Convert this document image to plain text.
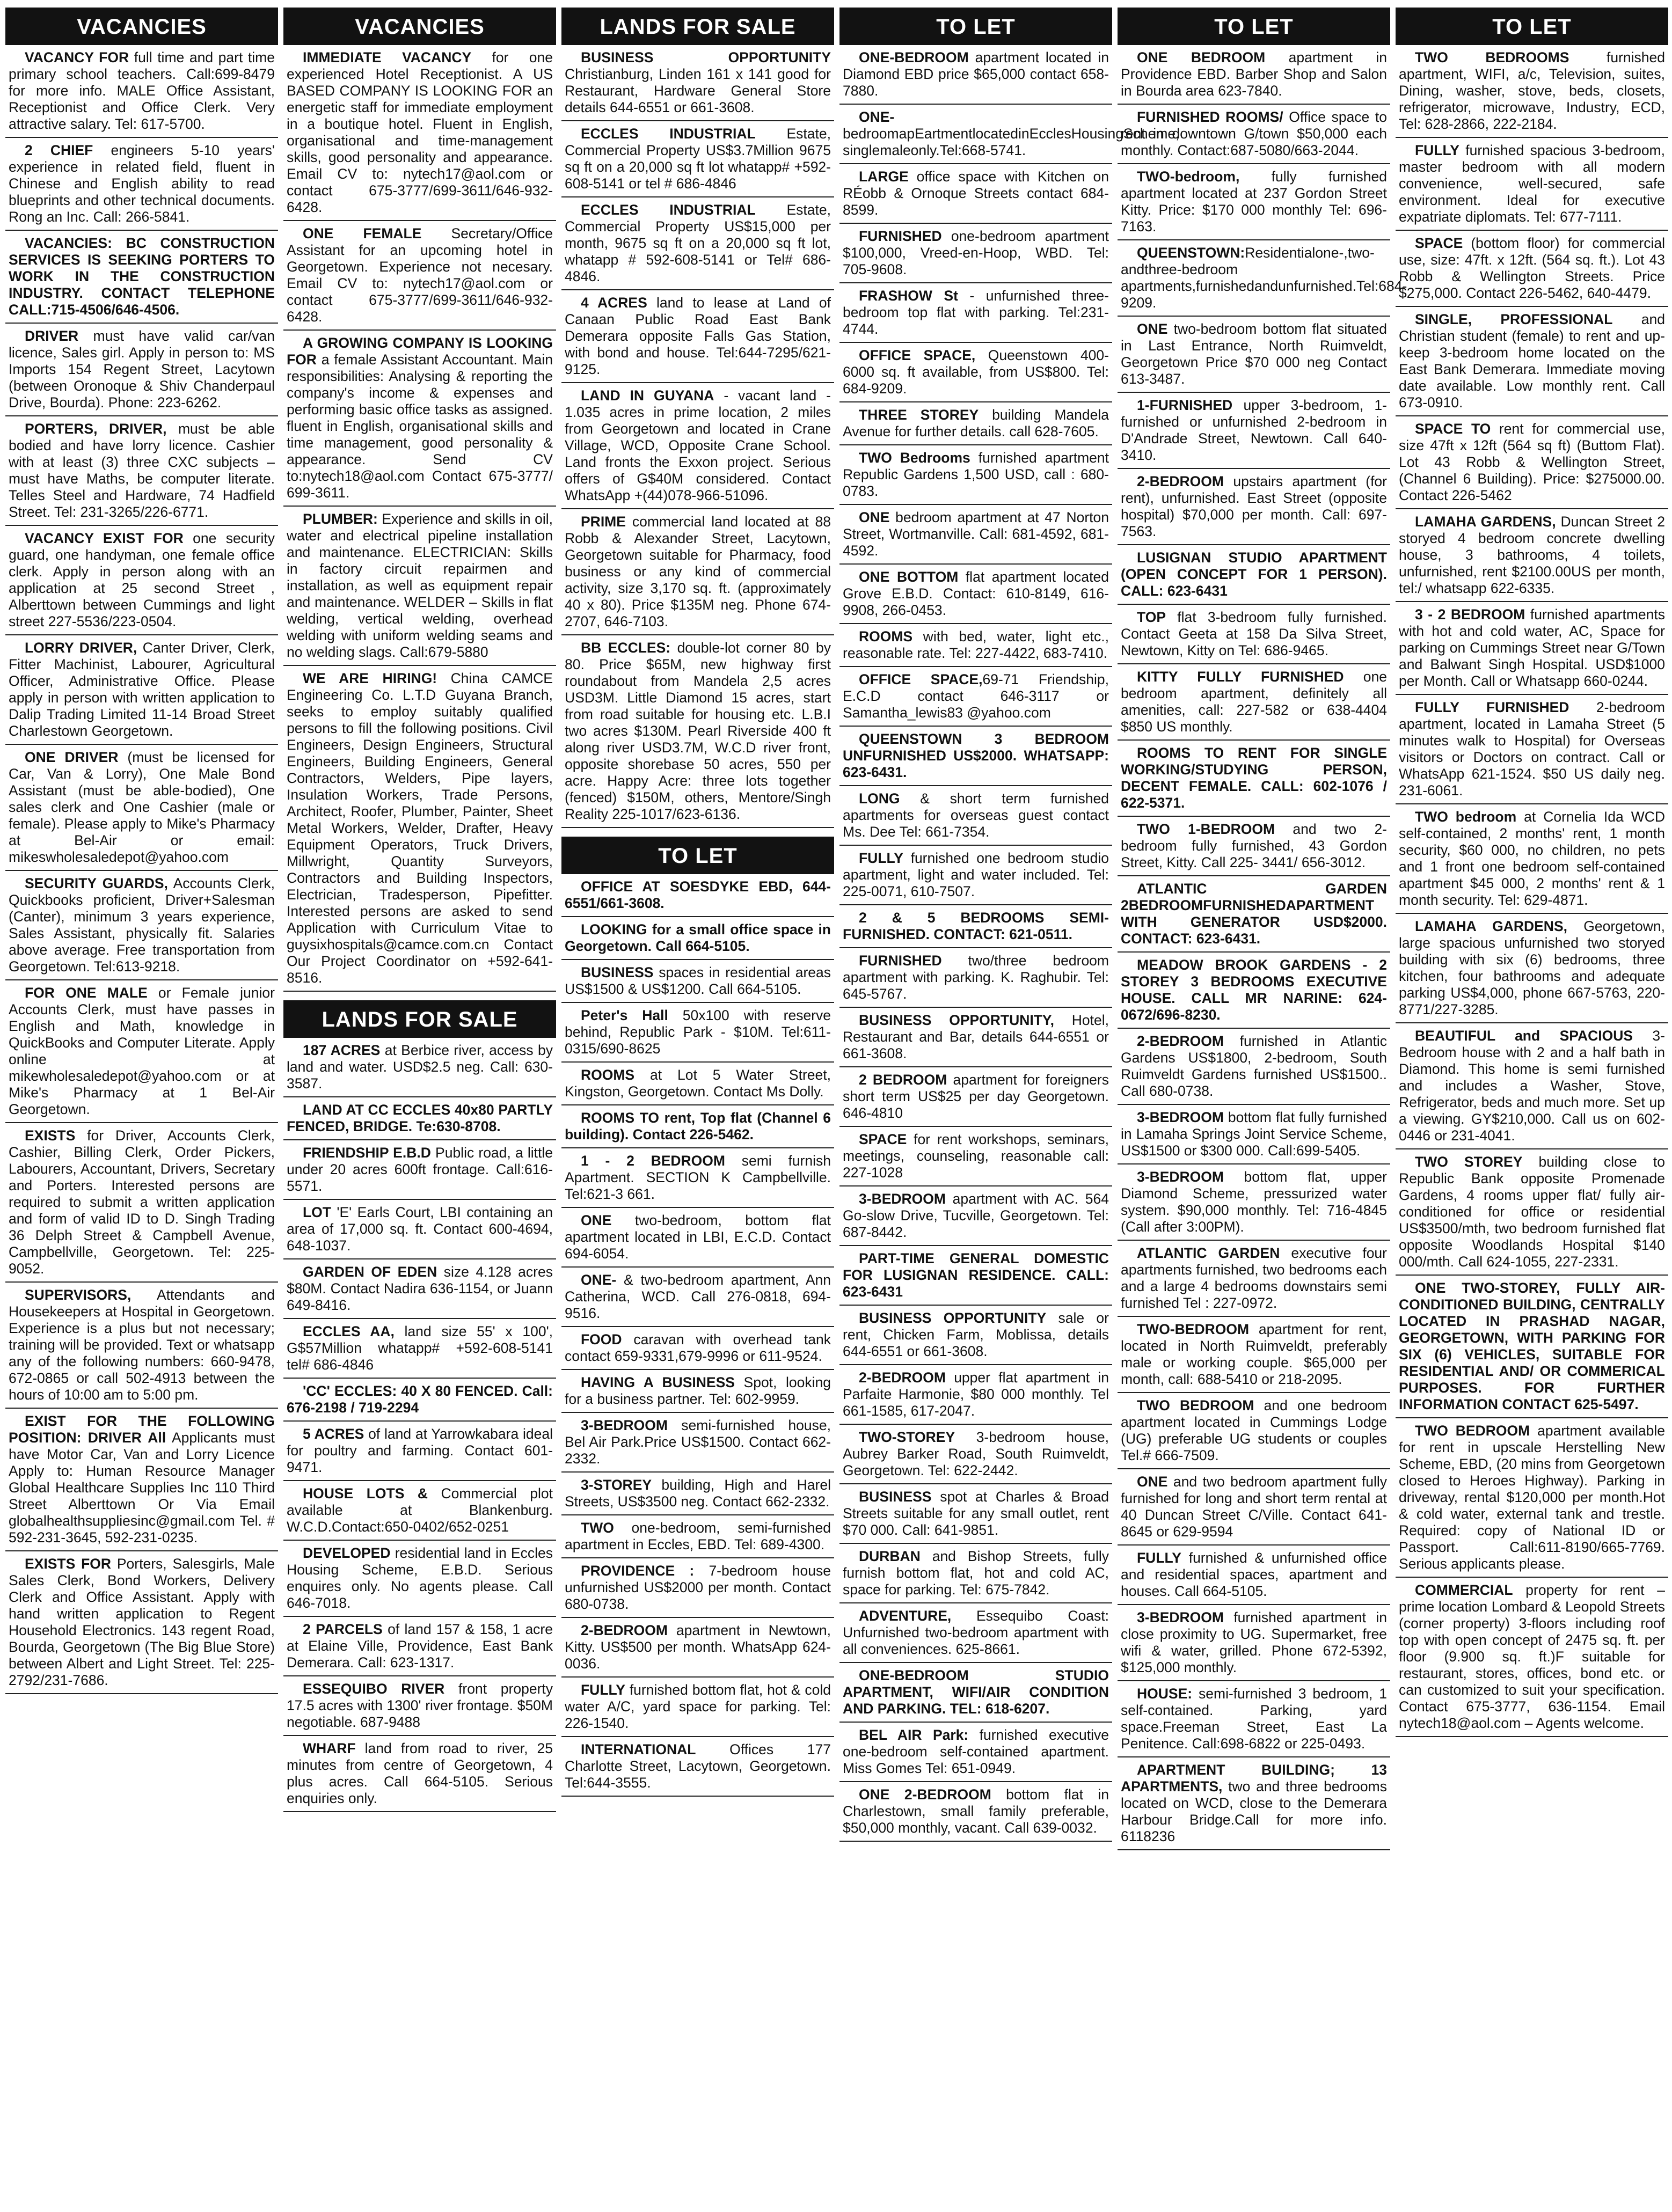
VACANCIES

VACANCY FOR full time and part time primary school teachers. Call:699-8479 for more info. MALE Office Assistant, Receptionist and Office Clerk. Very attractive salary. Tel: 617-5700.

2 CHIEF engineers 5-10 years' experience in related field, fluent in Chinese and English ability to read blueprints and other technical documents. Rong an Inc. Call: 266-5841.

VACANCIES: BC CONSTRUCTION SERVICES IS SEEKING PORTERS TO WORK IN THE CONSTRUCTION INDUSTRY. CONTACT TELEPHONE CALL:715-4506/646-4506.

DRIVER must have valid car/van licence, Sales girl. Apply in person to: MS Imports 154 Regent Street, Lacytown (between Oronoque & Shiv Chanderpaul Drive, Bourda). Phone: 223-6262.

PORTERS, DRIVER, must be able bodied and have lorry licence. Cashier with at least (3) three CXC subjects – must have Maths, be computer literate. Telles Steel and Hardware, 74 Hadfield Street. Tel: 231-3265/226-6771.

VACANCY EXIST FOR one security guard, one handyman, one female office clerk. Apply in person along with an application at 25 second Street , Alberttown between Cummings and light street 227-5536/223-0504.

LORRY DRIVER, Canter Driver, Clerk, Fitter Machinist, Labourer, Agricultural Officer, Administrative Office. Please apply in person with written application to Dalip Trading Limited 11-14 Broad Street Charlestown Georgetown.

ONE DRIVER (must be licensed for Car, Van & Lorry), One Male Bond Assistant (must be able-bodied), One sales clerk and One Cashier (male or female). Please apply to Mike's Pharmacy at Bel-Air or email: mikeswholesaledepot@yahoo.com

SECURITY GUARDS, Accounts Clerk, Quickbooks proficient, Driver+Salesman (Canter), minimum 3 years experience, Sales Assistant, physically fit. Salaries above average. Free transportation from Georgetown. Tel:613-9218.

FOR ONE MALE or Female junior Accounts Clerk, must have passes in English and Math, knowledge in QuickBooks and Computer Literate. Apply online at mikewholesaledepot@yahoo.com or at Mike's Pharmacy at 1 Bel-Air Georgetown.

EXISTS for Driver, Accounts Clerk, Cashier, Billing Clerk, Order Pickers, Labourers, Accountant, Drivers, Secretary and Porters. Interested persons are required to submit a written application and form of valid ID to D. Singh Trading 36 Delph Street & Campbell Avenue, Campbellville, Georgetown. Tel: 225-9052.

SUPERVISORS, Attendants and Housekeepers at Hospital in Georgetown. Experience is a plus but not necessary; training will be provided. Text or whatsapp any of the following numbers: 660-9478, 672-0865 or call 502-4913 between the hours of 10:00 am to 5:00 pm.

EXIST FOR THE FOLLOWING POSITION: DRIVER All Applicants must have Motor Car, Van and Lorry Licence Apply to: Human Resource Manager Global Healthcare Supplies Inc 110 Third Street Alberttown Or Via Email globalhealthsuppliesinc@gmail.com Tel. # 592-231-3645, 592-231-0235.

EXISTS FOR Porters, Salesgirls, Male Sales Clerk, Bond Workers, Delivery Clerk and Office Assistant. Apply with hand written application to Regent Household Electronics. 143 regent Road, Bourda, Georgetown (The Big Blue Store) between Albert and Light Street. Tel: 225-2792/231-7686.

VACANCIES

IMMEDIATE VACANCY for one experienced Hotel Receptionist. A US BASED COMPANY IS LOOKING FOR an energetic staff for immediate employment in a boutique hotel. Fluent in English, organisational and time-management skills, good personality and appearance. Email CV to: nytech17@aol.com or contact 675-3777/699-3611/646-932-6428.

ONE FEMALE Secretary/Office Assistant for an upcoming hotel in Georgetown. Experience not necesary. Email CV to: nytech17@aol.com or contact 675-3777/699-3611/646-932-6428.

A GROWING COMPANY IS LOOKING FOR a female Assistant Accountant. Main responsibilities: Analysing & reporting the company's income & expenses and performing basic office tasks as assigned. fluent in English, organisational skills and time management, good personality & appearance. Send CV to:nytech18@aol.com Contact 675-3777/ 699-3611.

PLUMBER: Experience and skills in oil, water and electrical pipeline installation and maintenance. ELECTRICIAN: Skills in factory circuit repairmen and installation, as well as equipment repair and maintenance. WELDER – Skills in flat welding, vertical welding, overhead welding with uniform welding seams and no welding slags. Call:679-5880

WE ARE HIRING! China CAMCE Engineering Co. L.T.D Guyana Branch, seeks to employ suitably qualified persons to fill the following positions. Civil Engineers, Design Engineers, Structural Engineers, Building Engineers, General Contractors, Welders, Pipe layers, Insulation Workers, Trade Persons, Architect, Roofer, Plumber, Painter, Sheet Metal Workers, Welder, Drafter, Heavy Equipment Operators, Truck Drivers, Millwright, Quantity Surveyors, Contractors and Building Inspectors, Electrician, Tradesperson, Pipefitter. Interested persons are asked to send Application with Curriculum Vitae to guysixhospitals@camce.com.cn Contact Our Project Coordinator on +592-641-8516.

LANDS FOR SALE

187 ACRES at Berbice river, access by land and water. USD$2.5 neg. Call: 630-3587.

LAND AT CC ECCLES 40x80 PARTLY FENCED, BRIDGE. Te:630-8708.

FRIENDSHIP E.B.D Public road, a little under 20 acres 600ft frontage. Call:616-5571.

LOT 'E' Earls Court, LBI containing an area of 17,000 sq. ft. Contact 600-4694, 648-1037.

GARDEN OF EDEN size 4.128 acres $80M. Contact Nadira 636-1154, or Juann 649-8416.

ECCLES AA, land size 55' x 100', G$57Million whatapp# +592-608-5141 tel# 686-4846

'CC' ECCLES: 40 X 80 FENCED. Call: 676-2198 / 719-2294

5 ACRES of land at Yarrowkabara ideal for poultry and farming. Contact 601-9471.

HOUSE LOTS & Commercial plot available at Blankenburg. W.C.D.Contact:650-0402/652-0251

DEVELOPED residential land in Eccles Housing Scheme, E.B.D. Serious enquires only. No agents please. Call 646-7018.

2 PARCELS of land 157 & 158, 1 acre at Elaine Ville, Providence, East Bank Demerara. Call: 623-1317.

ESSEQUIBO RIVER front property 17.5 acres with 1300' river frontage. $50M negotiable. 687-9488

WHARF land from road to river, 25 minutes from centre of Georgetown, 4 plus acres. Call 664-5105. Serious enquiries only.

LANDS FOR SALE

BUSINESS OPPORTUNITY Christianburg, Linden 161 x 141 good for Restaurant, Hardware General Store details 644-6551 or 661-3608.

ECCLES INDUSTRIAL Estate, Commercial Property US$3.7Million 9675 sq ft on a 20,000 sq ft lot whatapp# +592-608-5141 or tel # 686-4846

ECCLES INDUSTRIAL Estate, Commercial Property US$15,000 per month, 9675 sq ft on a 20,000 sq ft lot, whatapp # 592-608-5141 or Tel# 686-4846.

4 ACRES land to lease at Land of Canaan Public Road East Bank Demerara opposite Falls Gas Station, with bond and house. Tel:644-7295/621-9125.

LAND IN GUYANA - vacant land - 1.035 acres in prime location, 2 miles from Georgetown and located in Crane Village, WCD, Opposite Crane School. Land fronts the Exxon project. Serious offers of G$40M considered. Contact WhatsApp +(44)078-966-51096.

PRIME commercial land located at 88 Robb & Alexander Street, Lacytown, Georgetown suitable for Pharmacy, food business or any kind of commercial activity, size 3,170 sq. ft. (approximately 40 x 80). Price $135M neg. Phone 674-2707, 646-7103.

BB ECCLES: double-lot corner 80 by 80. Price $65M, new highway first roundabout from Mandela 2,5 acres USD3M. Little Diamond 15 acres, start from road suitable for housing etc. L.B.I two acres $130M. Pearl Riverside 400 ft along river USD3.7M, W.C.D river front, opposite shorebase 50 acres, 550 per acre. Happy Acre: three lots together (fenced) $150M, others, Mentore/Singh Reality 225-1017/623-6136.

TO LET

OFFICE AT SOESDYKE EBD, 644-6551/661-3608.

LOOKING for a small office space in Georgetown. Call 664-5105.

BUSINESS spaces in residential areas US$1500 & US$1200. Call 664-5105.

Peter's Hall 50x100 with reserve behind, Republic Park - $10M. Tel:611-0315/690-8625

ROOMS at Lot 5 Water Street, Kingston, Georgetown. Contact Ms Dolly.

ROOMS TO rent, Top flat (Channel 6 building). Contact 226-5462.

1 - 2 BEDROOM semi furnish Apartment. SECTION K Campbellville. Tel:621-3 661.

ONE two-bedroom, bottom flat apartment located in LBI, E.C.D. Contact 694-6054.

ONE- & two-bedroom apartment, Ann Catherina, WCD. Call 276-0818, 694-9516.

FOOD caravan with overhead tank contact 659-9331,679-9996 or 611-9524.

HAVING A BUSINESS Spot, looking for a business partner. Tel: 602-9959.

3-BEDROOM semi-furnished house, Bel Air Park.Price US$1500. Contact 662-2332.

3-STOREY building, High and Harel Streets, US$3500 neg. Contact 662-2332.

TWO one-bedroom, semi-furnished apartment in Eccles, EBD. Tel: 689-4300.

PROVIDENCE : 7-bedroom house unfurnished US$2000 per month. Contact 680-0738.

2-BEDROOM apartment in Newtown, Kitty. US$500 per month. WhatsApp 624-0036.

FULLY furnished bottom flat, hot & cold water A/C, yard space for parking. Tel: 226-1540.

INTERNATIONAL Offices 177 Charlotte Street, Lacytown, Georgetown. Tel:644-3555.

TO LET

ONE-BEDROOM apartment located in Diamond EBD price $65,000 contact 658-7880.

ONE-bedroomapEartmentlocatedinEcclesHousingScheme, singlemaleonly.Tel:668-5741.

LARGE office space with Kitchen on RÉobb & Ornoque Streets contact 684-8599.

FURNISHED one-bedroom apartment $100,000, Vreed-en-Hoop, WBD. Tel: 705-9608.

FRASHOW St - unfurnished three-bedroom top flat with parking. Tel:231-4744.

OFFICE SPACE, Queenstown 400-6000 sq. ft available, from US$800. Tel: 684-9209.

THREE STOREY building Mandela Avenue for further details. call 628-7605.

TWO Bedrooms furnished apartment Republic Gardens 1,500 USD, call : 680-0783.

ONE bedroom apartment at 47 Norton Street, Wortmanville. Call: 681-4592, 681-4592.

ONE BOTTOM flat apartment located Grove E.B.D. Contact: 610-8149, 616-9908, 266-0453.

ROOMS with bed, water, light etc., reasonable rate. Tel: 227-4422, 683-7410.

OFFICE SPACE,69-71 Friendship, E.C.D contact 646-3117 or Samantha_lewis83 @yahoo.com

QUEENSTOWN 3 BEDROOM UNFURNISHED US$2000. WHATSAPP: 623-6431.

LONG & short term furnished apartments for overseas guest contact Ms. Dee Tel: 661-7354.

FULLY furnished one bedroom studio apartment, light and water included. Tel: 225-0071, 610-7507.

2 & 5 BEDROOMS SEMI-FURNISHED. CONTACT: 621-0511.

FURNISHED two/three bedroom apartment with parking. K. Raghubir. Tel: 645-5767.

BUSINESS OPPORTUNITY, Hotel, Restaurant and Bar, details 644-6551 or 661-3608.

2 BEDROOM apartment for foreigners short term US$25 per day Georgetown. 646-4810

SPACE for rent workshops, seminars, meetings, counseling, reasonable call: 227-1028

3-BEDROOM apartment with AC. 564 Go-slow Drive, Tucville, Georgetown. Tel: 687-8442.

PART-TIME GENERAL DOMESTIC FOR LUSIGNAN RESIDENCE. CALL: 623-6431

BUSINESS OPPORTUNITY sale or rent, Chicken Farm, Moblissa, details 644-6551 or 661-3608.

2-BEDROOM upper flat apartment in Parfaite Harmonie, $80 000 monthly. Tel 661-1585, 617-2047.

TWO-STOREY 3-bedroom house, Aubrey Barker Road, South Ruimveldt, Georgetown. Tel: 622-2442.

BUSINESS spot at Charles & Broad Streets suitable for any small outlet, rent $70 000. Call: 641-9851.

DURBAN and Bishop Streets, fully furnish bottom flat, hot and cold AC, space for parking. Tel: 675-7842.

ADVENTURE, Essequibo Coast: Unfurnished two-bedroom apartment with all conveniences. 625-8661.

ONE-BEDROOM STUDIO APARTMENT, WIFI/AIR CONDITION AND PARKING. TEL: 618-6207.

BEL AIR Park: furnished executive one-bedroom self-contained apartment. Miss Gomes Tel: 651-0949.

ONE 2-BEDROOM bottom flat in Charlestown, small family preferable, $50,000 monthly, vacant. Call 639-0032.

TO LET

ONE BEDROOM apartment in Providence EBD. Barber Shop and Salon in Bourda area 623-7840.

FURNISHED ROOMS/ Office space to rent in downtown G/town $50,000 each monthly. Contact:687-5080/663-2044.

TWO-bedroom, fully furnished apartment located at 237 Gordon Street Kitty. Price: $170 000 monthly Tel: 696-7163.

QUEENSTOWN:Residentialone-,two-andthree-bedroom apartments,furnishedandunfurnished.Tel:684-9209.

ONE two-bedroom bottom flat situated in Last Entrance, North Ruimveldt, Georgetown Price $70 000 neg Contact 613-3487.

1-FURNISHED upper 3-bedroom, 1-furnished or unfurnished 2-bedroom in D'Andrade Street, Newtown. Call 640-3410.

2-BEDROOM upstairs apartment (for rent), unfurnished. East Street (opposite hospital) $70,000 per month. Call: 697-7563.

LUSIGNAN STUDIO APARTMENT (OPEN CONCEPT FOR 1 PERSON). CALL: 623-6431

TOP flat 3-bedroom fully furnished. Contact Geeta at 158 Da Silva Street, Newtown, Kitty on Tel: 686-9465.

KITTY FULLY FURNISHED one bedroom apartment, definitely all amenities, call: 227-582 or 638-4404 $850 US monthly.

ROOMS TO RENT FOR SINGLE WORKING/STUDYING PERSON, DECENT FEMALE. CALL: 602-1076 / 622-5371.

TWO 1-BEDROOM and two 2-bedroom fully furnished, 43 Gordon Street, Kitty. Call 225- 3441/ 656-3012.

ATLANTIC GARDEN 2BEDROOMFURNISHEDAPARTMENT WITH GENERATOR USD$2000. CONTACT: 623-6431.

MEADOW BROOK GARDENS - 2 STOREY 3 BEDROOMS EXECUTIVE HOUSE. CALL MR NARINE: 624-0672/696-8230.

2-BEDROOM furnished in Atlantic Gardens US$1800, 2-bedroom, South Ruimveldt Gardens furnished US$1500.. Call 680-0738.

3-BEDROOM bottom flat fully furnished in Lamaha Springs Joint Service Scheme, US$1500 or $300 000. Call:699-5405.

3-BEDROOM bottom flat, upper Diamond Scheme, pressurized water system. $90,000 monthly. Tel: 716-4845 (Call after 3:00PM).

ATLANTIC GARDEN executive four apartments furnished, two bedrooms each and a large 4 bedrooms downstairs semi furnished Tel : 227-0972.

TWO-BEDROOM apartment for rent, located in North Ruimveldt, preferably male or working couple. $65,000 per month, call: 688-5410 or 218-2095.

TWO BEDROOM and one bedroom apartment located in Cummings Lodge (UG) preferable UG students or couples Tel.# 666-7509.

ONE and two bedroom apartment fully furnished for long and short term rental at 40 Duncan Street C/Ville. Contact 641-8645 or 629-9594

FULLY furnished & unfurnished office and residential spaces, apartment and houses. Call 664-5105.

3-BEDROOM furnished apartment in close proximity to UG. Supermarket, free wifi & water, grilled. Phone 672-5392, $125,000 monthly.

HOUSE: semi-furnished 3 bedroom, 1 self-contained. Parking, yard space.Freeman Street, East La Penitence. Call:698-6822 or 225-0493.

APARTMENT BUILDING; 13 APARTMENTS, two and three bedrooms located on WCD, close to the Demerara Harbour Bridge.Call for more info. 6118236

TO LET

TWO BEDROOMS furnished apartment, WIFI, a/c, Television, suites, Dining, washer, stove, beds, closets, refrigerator, microwave, Industry, ECD, Tel: 628-2866, 222-2184.

FULLY furnished spacious 3-bedroom, master bedroom with all modern convenience, well-secured, safe environment. Ideal for executive expatriate diplomats. Tel: 677-7111.

SPACE (bottom floor) for commercial use, size: 47ft. x 12ft. (564 sq. ft.). Lot 43 Robb & Wellington Streets. Price $275,000. Contact 226-5462, 640-4479.

SINGLE, PROFESSIONAL and Christian student (female) to rent and up-keep 3-bedroom home located on the East Bank Demerara. Immediate moving date available. Low monthly rent. Call 673-0910.

SPACE TO rent for commercial use, size 47ft x 12ft (564 sq ft) (Buttom Flat). Lot 43 Robb & Wellington Street, (Channel 6 Building). Price: $275000.00. Contact 226-5462

LAMAHA GARDENS, Duncan Street 2 storyed 4 bedroom concrete dwelling house, 3 bathrooms, 4 toilets, unfurnished, rent $2100.00US per month, tel:/ whatsapp 622-6335.

3 - 2 BEDROOM furnished apartments with hot and cold water, AC, Space for parking on Cummings Street near G/Town and Balwant Singh Hospital. USD$1000 per Month. Call or Whatsapp 660-0244.

FULLY FURNISHED 2-bedroom apartment, located in Lamaha Street (5 minutes walk to Hospital) for Overseas visitors or Doctors on contract. Call or WhatsApp 621-1524. $50 US daily neg. 231-6061.

TWO bedroom at Cornelia Ida WCD self-contained, 2 months' rent, 1 month security, $60 000, no children, no pets and 1 front one bedroom self-contained apartment $45 000, 2 months' rent & 1 month security. Tel: 629-4871.

LAMAHA GARDENS, Georgetown, large spacious unfurnished two storyed building with six (6) bedrooms, three kitchen, four bathrooms and adequate parking US$4,000, phone 667-5763, 220-8771/227-3285.

BEAUTIFUL and SPACIOUS 3-Bedroom house with 2 and a half bath in Diamond. This home is semi furnished and includes a Washer, Stove, Refrigerator, beds and much more. Set up a viewing. GY$210,000. Call us on 602-0446 or 231-4041.

TWO STOREY building close to Republic Bank opposite Promenade Gardens, 4 rooms upper flat/ fully air-conditioned for office or residential US$3500/mth, two bedroom furnished flat opposite Woodlands Hospital $140 000/mth. Call 624-1055, 227-2331.

ONE TWO-STOREY, FULLY AIR-CONDITIONED BUILDING, CENTRALLY LOCATED IN PRASHAD NAGAR, GEORGETOWN, WITH PARKING FOR SIX (6) VEHICLES, SUITABLE FOR RESIDENTIAL AND/ OR COMMERICAL PURPOSES. FOR FURTHER INFORMATION CONTACT 625-5497.

TWO BEDROOM apartment available for rent in upscale Herstelling New Scheme, EBD, (20 mins from Georgetown closed to Heroes Highway). Parking in driveway, rental $120,000 per month.Hot & cold water, external tank and trestle. Required: copy of National ID or Passport. Call:611-8190/665-7769. Serious applicants please.

COMMERCIAL property for rent – prime location Lombard & Leopold Streets (corner property) 3-floors including roof top with open concept of 2475 sq. ft. per floor (9.900 sq. ft.)F suitable for restaurant, stores, offices, bond etc. or can customized to suit your specification. Contact 675-3777, 636-1154. Email nytech18@aol.com – Agents welcome.
